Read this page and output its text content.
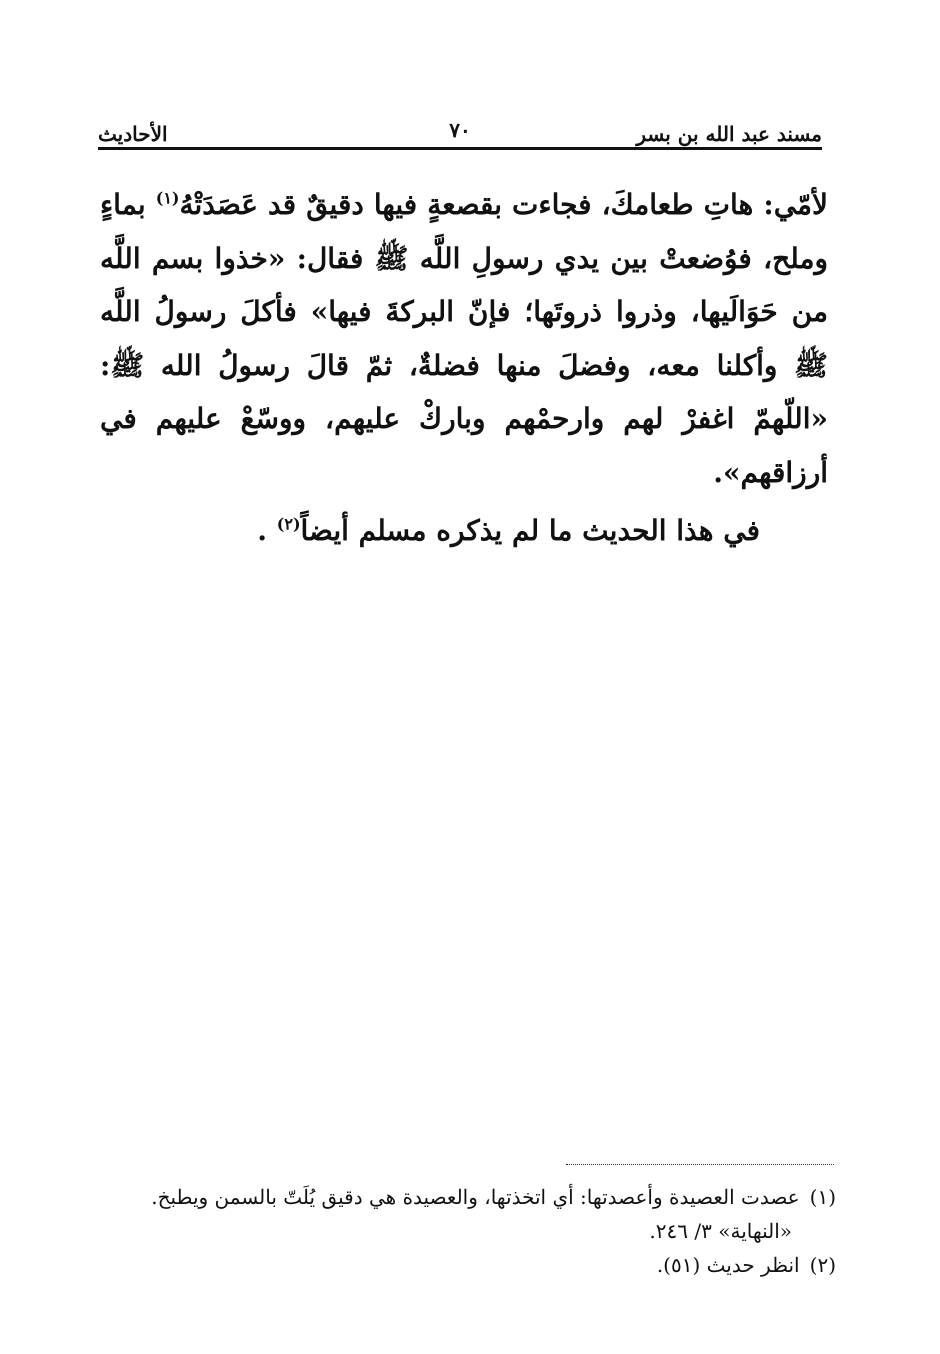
مسند عبد الله بن بسر
٧٠
الأحاديث

لأمّي: هاتِ طعامكَ، فجاءت بقصعةٍ فيها دقيقٌ قد عَصَدَتْهُ$^{(١)}$ بماءٍ وملح، فوُضعتْ بين يدي رسولِ اللَّه ﷺ فقال: «خذوا بسم اللَّه من حَوَالَيها، وذروا ذروتَها؛ فإنّ البركةَ فيها» فأكلَ رسولُ اللَّه ﷺ وأكلنا معه، وفضلَ منها فضلةٌ، ثمّ قالَ رسولُ الله ﷺ: «اللّهمّ اغفرْ لهم وارحمْهم وباركْ عليهم، ووسّعْ عليهم في أرزاقهم».

في هذا الحديث ما لم يذكره مسلم أيضاً$^{(٢)}$ .

(١)عصدت العصيدة وأعصدتها: أي اتخذتها، والعصيدة هي دقيق يُلَتّ بالسمن ويطبخ.

«النهاية» ٣/ ٢٤٦.

(٢)انظر حديث (٥١).
